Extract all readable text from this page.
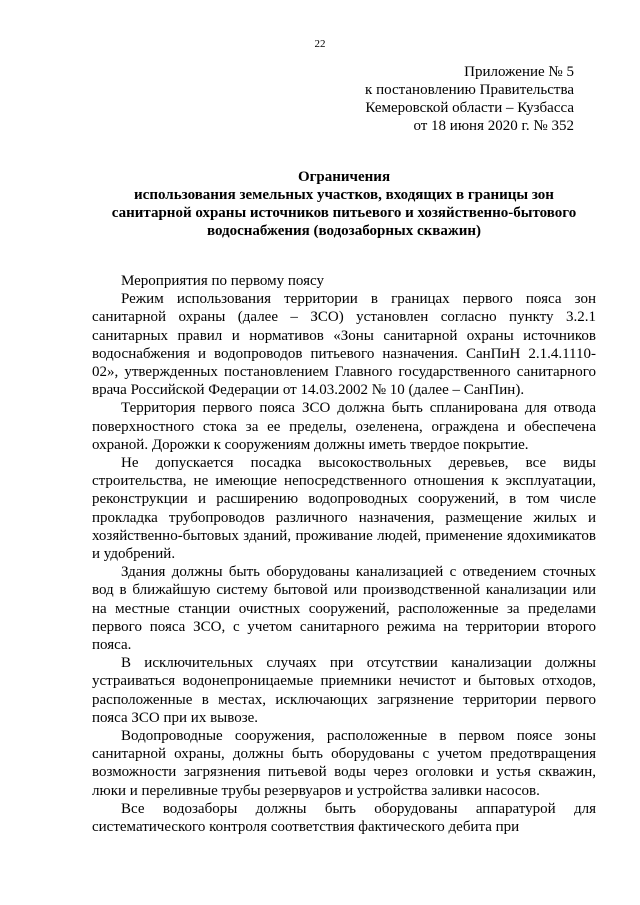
22
Приложение № 5
к постановлению Правительства
Кемеровской области – Кузбасса
от 18 июня 2020 г. № 352
Ограничения
использования земельных участков, входящих в границы зон
санитарной охраны источников питьевого и хозяйственно-бытового
водоснабжения (водозаборных скважин)

Мероприятия по первому поясу

Режим использования территории в границах первого пояса зон санитарной охраны (далее – ЗСО) установлен согласно пункту 3.2.1 санитарных правил и нормативов «Зоны санитарной охраны источников водоснабжения и водопроводов питьевого назначения. СанПиН 2.1.4.1110-02», утвержденных постановлением Главного государственного санитарного врача Российской Федерации от 14.03.2002 № 10 (далее – СанПин).

Территория первого пояса ЗСО должна быть спланирована для отвода поверхностного стока за ее пределы, озеленена, ограждена и обеспечена охраной. Дорожки к сооружениям должны иметь твердое покрытие.

Не допускается посадка высокоствольных деревьев, все виды строительства, не имеющие непосредственного отношения к эксплуатации, реконструкции и расширению водопроводных сооружений, в том числе прокладка трубопроводов различного назначения, размещение жилых и хозяйственно-бытовых зданий, проживание людей, применение ядохимикатов и удобрений.

Здания должны быть оборудованы канализацией с отведением сточных вод в ближайшую систему бытовой или производственной канализации или на местные станции очистных сооружений, расположенные за пределами первого пояса ЗСО, с учетом санитарного режима на территории второго пояса.

В исключительных случаях при отсутствии канализации должны устраиваться водонепроницаемые приемники нечистот и бытовых отходов, расположенные в местах, исключающих загрязнение территории первого пояса ЗСО при их вывозе.

Водопроводные сооружения, расположенные в первом поясе зоны санитарной охраны, должны быть оборудованы с учетом предотвращения возможности загрязнения питьевой воды через оголовки и устья скважин, люки и переливные трубы резервуаров и устройства заливки насосов.

Все водозаборы должны быть оборудованы аппаратурой для систематического контроля соответствия фактического дебита при
